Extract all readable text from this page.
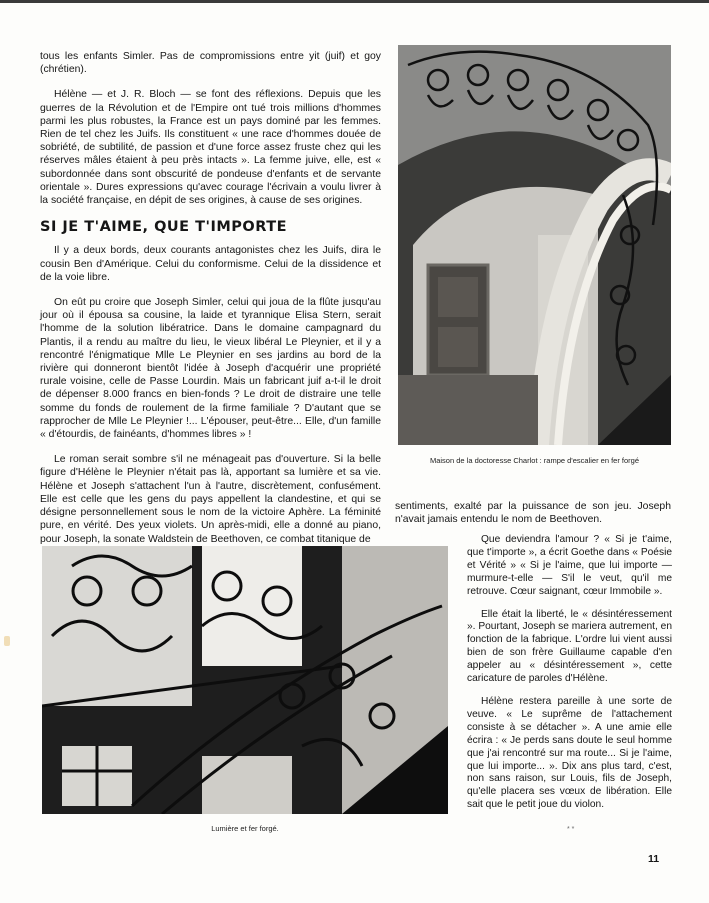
tous les enfants Simler. Pas de compromissions entre yit (juif) et goy (chrétien).

Hélène — et J. R. Bloch — se font des réflexions. Depuis que les guerres de la Révolution et de l'Empire ont tué trois millions d'hommes parmi les plus robustes, la France est un pays dominé par les femmes. Rien de tel chez les Juifs. Ils constituent « une race d'hommes douée de sobriété, de subtilité, de passion et d'une force assez fruste chez qui les réserves mâles étaient à peu près intacts ». La femme juive, elle, est « subordonnée dans sont obscurité de pondeuse d'enfants et de servante orientale ». Dures expressions qu'avec courage l'écrivain a voulu livrer à la société française, en dépit de ses origines, à cause de ses origines.

SI JE T'AIME, QUE T'IMPORTE

Il y a deux bords, deux courants antagonistes chez les Juifs, dira le cousin Ben d'Amérique. Celui du conformisme. Celui de la dissidence et de la voie libre.

On eût pu croire que Joseph Simler, celui qui joua de la flûte jusqu'au jour où il épousa sa cousine, la laide et tyrannique Elisa Stern, serait l'homme de la solution libératrice. Dans le domaine campagnard du Plantis, il a rendu au maître du lieu, le vieux libéral Le Pleynier, et il y a rencontré l'énigmatique Mlle Le Pleynier en ses jardins au bord de la rivière qui donneront bientôt l'idée à Joseph d'acquérir une propriété rurale voisine, celle de Passe Lourdin. Mais un fabricant juif a-t-il le droit de dépenser 8.000 francs en bien-fonds ? Le droit de distraire une telle somme du fonds de roulement de la firme familiale ? D'autant que se rapprocher de Mlle Le Pleynier !... L'épouser, peut-être... Elle, d'un famille « d'étourdis, de fainéants, d'hommes libres » !

Le roman serait sombre s'il ne ménageait pas d'ouverture. Si la belle figure d'Hélène le Pleynier n'était pas là, apportant sa lumière et sa vie. Hélène et Joseph s'attachent l'un à l'autre, discrètement, confusément. Elle est celle que les gens du pays appellent la clandestine, et qui se désigne personnellement sous le nom de la victoire Aphère. La féminité pure, en vérité. Des yeux violets. Un après-midi, elle a donné au piano, pour Joseph, la sonate Waldstein de Beethoven, ce combat titanique de

Maison de la doctoresse Charlot : rampe d'escalier en fer forgé
sentiments, exalté par la puissance de son jeu. Joseph n'avait jamais entendu le nom de Beethoven.
Lumière et fer forgé.

Que deviendra l'amour ? « Si je t'aime, que t'importe », a écrit Goethe dans « Poésie et Vérité » « Si je l'aime, que lui importe — murmure-t-elle — S'il le veut, qu'il me retrouve. Cœur saignant, cœur Immobile ».

Elle était la liberté, le « désintéressement ». Pourtant, Joseph se mariera autrement, en fonction de la fabrique. L'ordre lui vient aussi bien de son frère Guillaume capable d'en appeler au « désintéressement », cette caricature de paroles d'Hélène.

Hélène restera pareille à une sorte de veuve. « Le suprême de l'attachement consiste à se détacher ». A une amie elle écrira : « Je perds sans doute le seul homme que j'ai rencontré sur ma route... Si je l'aime, que lui importe... ». Dix ans plus tard, c'est, non sans raison, sur Louis, fils de Joseph, qu'elle placera ses vœux de libération. Elle sait que le petit joue du violon.

* *
11
